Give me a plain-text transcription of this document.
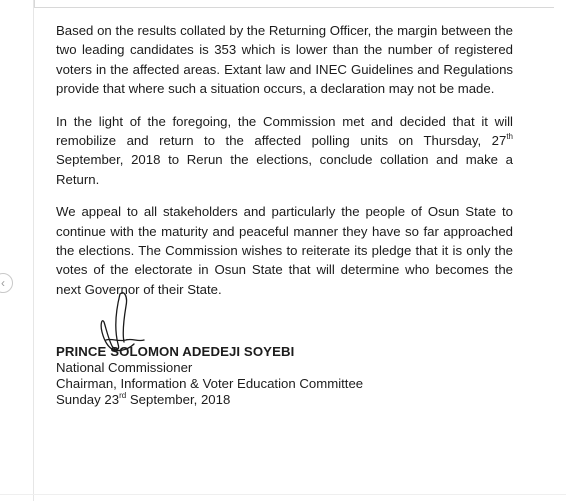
Based on the results collated by the Returning Officer, the margin between the two leading candidates is 353 which is lower than the number of registered voters in the affected areas. Extant law and INEC Guidelines and Regulations provide that where such a situation occurs, a declaration may not be made.

In the light of the foregoing, the Commission met and decided that it will remobilize and return to the affected polling units on Thursday, 27th September, 2018 to Rerun the elections, conclude collation and make a Return.

We appeal to all stakeholders and particularly the people of Osun State to continue with the maturity and peaceful manner they have so far approached the elections. The Commission wishes to reiterate its pledge that it is only the votes of the electorate in Osun State that will determine who becomes the next Governor of their State.

‹
PRINCE SOLOMON ADEDEJI SOYEBI
National Commissioner
Chairman, Information & Voter Education Committee
Sunday 23rd September, 2018
